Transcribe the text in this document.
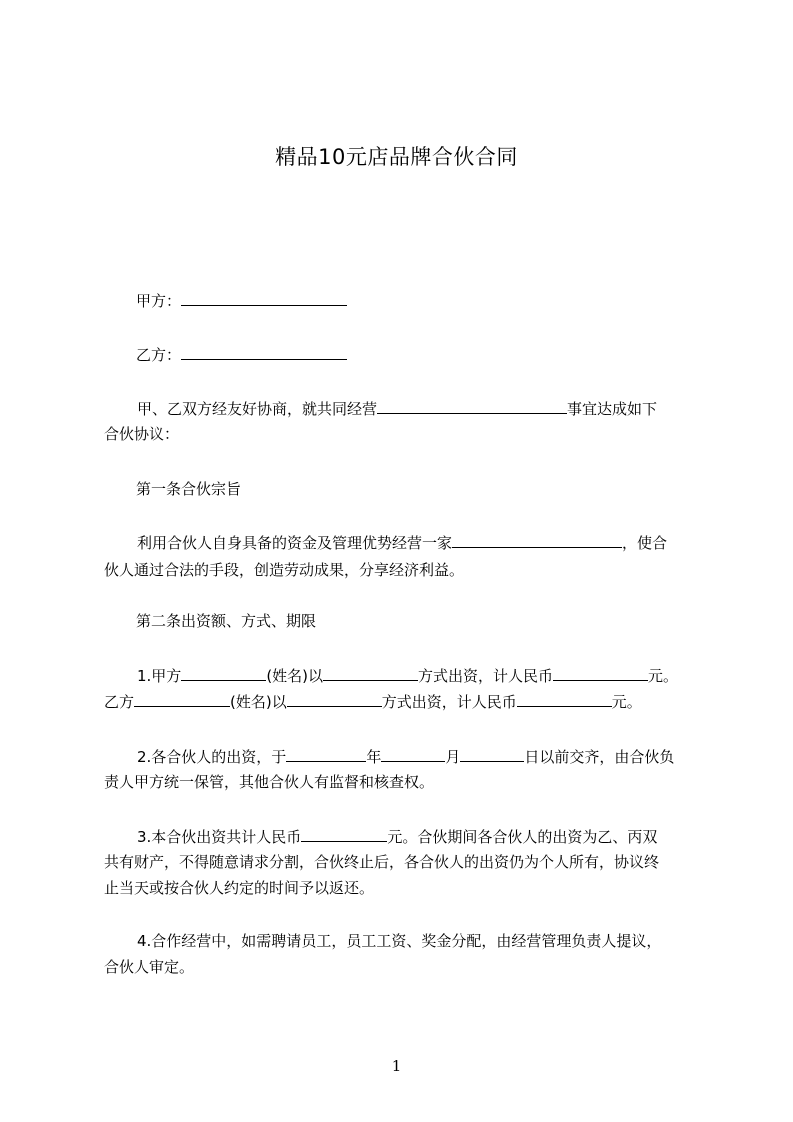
精品10元店品牌合伙合同
甲方：
乙方：
甲、乙双方经友好协商，就共同经营	事宜达成如下
合伙协议：
第一条合伙宗旨
利用合伙人自身具备的资金及管理优势经营一家	，使合
伙人通过合法的手段，创造劳动成果，分享经济利益。
第二条出资额、方式、期限
1.甲方	(姓名)以	方式出资，计人民币	元。
乙方	(姓名)以	方式出资，计人民币	元。
2.各合伙人的出资，于	年	月	日以前交齐，由合伙负
责人甲方统一保管，其他合伙人有监督和核查权。
3.本合伙出资共计人民币	元。合伙期间各合伙人的出资为乙、丙双
共有财产，不得随意请求分割，合伙终止后，各合伙人的出资仍为个人所有，协议终
止当天或按合伙人约定的时间予以返还。
4.合作经营中，如需聘请员工，员工工资、奖金分配，由经营管理负责人提议，
合伙人审定。
1
